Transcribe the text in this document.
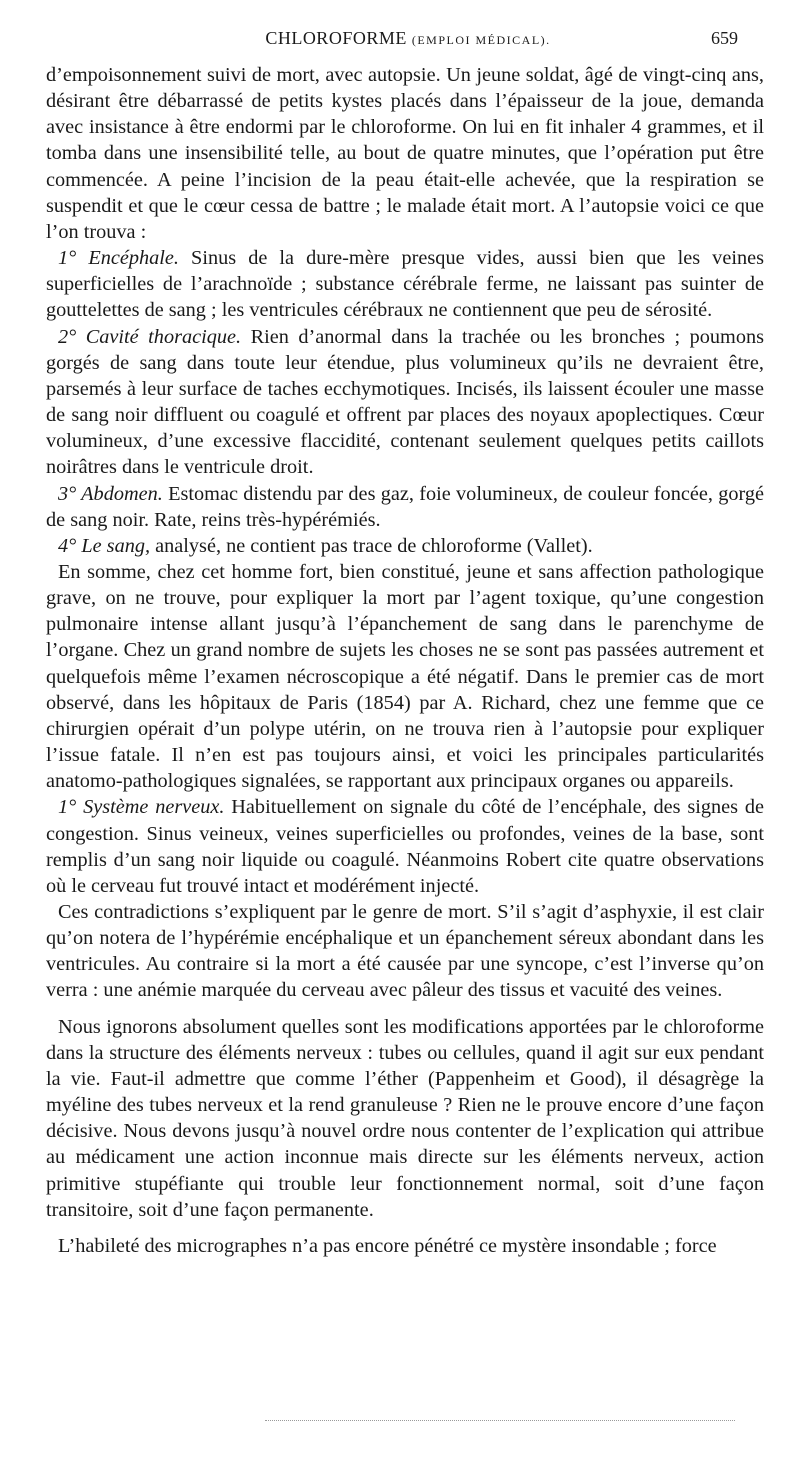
CHLOROFORME (EMPLOI MÉDICAL).	659

d’empoisonnement suivi de mort, avec autopsie. Un jeune soldat, âgé de vingt-cinq ans, désirant être débarrassé de petits kystes placés dans l’épaisseur de la joue, demanda avec insistance à être endormi par le chloroforme. On lui en fit inhaler 4 grammes, et il tomba dans une insensibilité telle, au bout de quatre minutes, que l’opération put être commencée. A peine l’incision de la peau était-elle achevée, que la respiration se suspendit et que le cœur cessa de battre ; le malade était mort. A l’autopsie voici ce que l’on trouva :

1° Encéphale. Sinus de la dure-mère presque vides, aussi bien que les veines superficielles de l’arachnoïde ; substance cérébrale ferme, ne laissant pas suinter de gouttelettes de sang ; les ventricules cérébraux ne contiennent que peu de sérosité.

2° Cavité thoracique. Rien d’anormal dans la trachée ou les bronches ; poumons gorgés de sang dans toute leur étendue, plus volumineux qu’ils ne devraient être, parsemés à leur surface de taches ecchymotiques. Incisés, ils laissent écouler une masse de sang noir diffluent ou coagulé et offrent par places des noyaux apoplectiques. Cœur volumineux, d’une excessive flaccidité, contenant seulement quelques petits caillots noirâtres dans le ventricule droit.

3° Abdomen. Estomac distendu par des gaz, foie volumineux, de couleur foncée, gorgé de sang noir. Rate, reins très-hypérémiés.

4° Le sang, analysé, ne contient pas trace de chloroforme (Vallet).

En somme, chez cet homme fort, bien constitué, jeune et sans affection pathologique grave, on ne trouve, pour expliquer la mort par l’agent toxique, qu’une congestion pulmonaire intense allant jusqu’à l’épanchement de sang dans le parenchyme de l’organe. Chez un grand nombre de sujets les choses ne se sont pas passées autrement et quelquefois même l’examen nécroscopique a été négatif. Dans le premier cas de mort observé, dans les hôpitaux de Paris (1854) par A. Richard, chez une femme que ce chirurgien opérait d’un polype utérin, on ne trouva rien à l’autopsie pour expliquer l’issue fatale. Il n’en est pas toujours ainsi, et voici les principales particularités anatomo-pathologiques signalées, se rapportant aux principaux organes ou appareils.

1° Système nerveux. Habituellement on signale du côté de l’encéphale, des signes de congestion. Sinus veineux, veines superficielles ou profondes, veines de la base, sont remplis d’un sang noir liquide ou coagulé. Néanmoins Robert cite quatre observations où le cerveau fut trouvé intact et modérément injecté.

Ces contradictions s’expliquent par le genre de mort. S’il s’agit d’asphyxie, il est clair qu’on notera de l’hypérémie encéphalique et un épanchement séreux abondant dans les ventricules. Au contraire si la mort a été causée par une syncope, c’est l’inverse qu’on verra : une anémie marquée du cerveau avec pâleur des tissus et vacuité des veines.

Nous ignorons absolument quelles sont les modifications apportées par le chloroforme dans la structure des éléments nerveux : tubes ou cellules, quand il agit sur eux pendant la vie. Faut-il admettre que comme l’éther (Pappenheim et Good), il désagrège la myéline des tubes nerveux et la rend granuleuse ? Rien ne le prouve encore d’une façon décisive. Nous devons jusqu’à nouvel ordre nous contenter de l’explication qui attribue au médicament une action inconnue mais directe sur les éléments nerveux, action primitive stupéfiante qui trouble leur fonctionnement normal, soit d’une façon transitoire, soit d’une façon permanente.

L’habileté des micrographes n’a pas encore pénétré ce mystère insondable ; force
